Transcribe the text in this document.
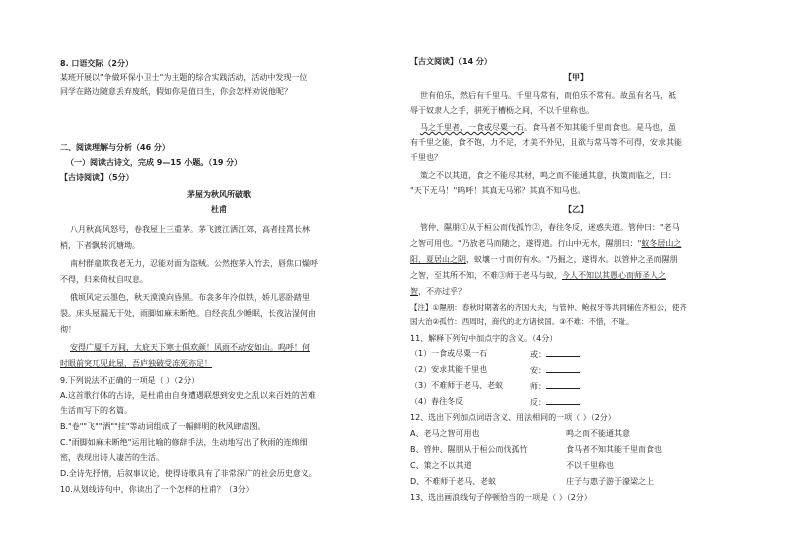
8. 口语交际（2分）
某班开展以"争做环保小卫士"为主题的综合实践活动，活动中发现一位
同学在路边随意丢弃废纸，假如你是值日生，你会怎样劝说他呢？
二、阅读理解与分析（46 分）
（一）阅读古诗文，完成 9—15 小题。（19 分）
【古诗阅读】（5分）
茅屋为秋风所破歌
杜甫
八月秋高风怒号，卷我屋上三重茅。茅飞渡江洒江郊，高者挂罥长林
梢，下者飘转沉塘坳。
南村群童欺我老无力，忍能对面为盗贼。公然抱茅入竹去，唇焦口燥呼
不得，归来倚杖自叹息。
俄顷风定云墨色，秋天漠漠向昏黑。布衾多年冷似铁，娇儿恶卧踏里
裂。床头屋漏无干处，雨脚如麻未断绝。自经丧乱少睡眠，长夜沾湿何由
彻！
安得广厦千万间，大庇天下寒士俱欢颜！风雨不动安如山。呜呼！何
时眼前突兀见此屋，吾庐独破受冻死亦足！
9.下列说法不正确的一项是（ ）（2分）
A.这首歌行体的古诗，是杜甫由自身遭遇联想到安史之乱以来百姓的苦难
生活而写下的名篇。
B."卷""飞""洒""挂"等动词组成了一幅鲜明的秋风肆虐图。
C."雨脚如麻未断绝"运用比喻的修辞手法，生动地写出了秋雨的连绵细
密，表现出诗人凄苦的生活。
D.全诗先抒情，后叙事议论，使得诗歌具有了非常深广的社会历史意义。
10.从划线诗句中，你读出了一个怎样的杜甫？（3分）
【古文阅读】（14 分）
【甲】
世有伯乐，然后有千里马。千里马常有，而伯乐不常有。故虽有名马，祗
辱于奴隶人之手，骈死于槽枥之间，不以千里称也。
马之千里者，一食或尽粟一石。食马者不知其能千里而食也。是马也，虽
有千里之能，食不饱，力不足，才美不外见，且欲与常马等不可得，安求其能
千里也？
策之不以其道，食之不能尽其材，鸣之而不能通其意，执策而临之，曰：
"天下无马！"呜呼！其真无马邪？其真不知马也。
【乙】
管仲、隰朋①从于桓公而伐孤竹②，春往冬反，迷惑失道。管仲曰："老马
之智可用也。"乃放老马而随之，遂得道。行山中无水，隰朋曰："蚁冬居山之
阳，夏居山之阴，蚁壤一寸而仞有水。"乃掘之，遂得水。以管仲之圣而隰朋
之智，至其所不知，不难③师于老马与蚁，今人不知以其愚心而师圣人之
智，不亦过乎？
【注】①隰朋：春秋时期著名的齐国大夫，与管仲、鲍叔牙等共同辅佐齐桓公，使齐
国大治②孤竹：西周时，商代的北方诸侯国。③不难：不惜，不耻。
11、解释下列句中加点字的含义。（4分）
（1）一食或尽粟一石	或：
（2）安求其能千里也	安：
（3）不难师于老马、老蚁	师：
（4）春往冬反	反：
12、选出下列加点词语含义、用法相同的一项（ ）（2分）
A、老马之智可用也	鸣之而不能通其意
B、管仲、隰朋从于桓公而伐孤竹	食马者不知其能千里而食也
C、策之不以其道	不以千里称也
D、不难师于老马、老蚁	庄子与惠子游于濠梁之上
13、选出画浪线句子停顿恰当的一项是（ ）（2分）
